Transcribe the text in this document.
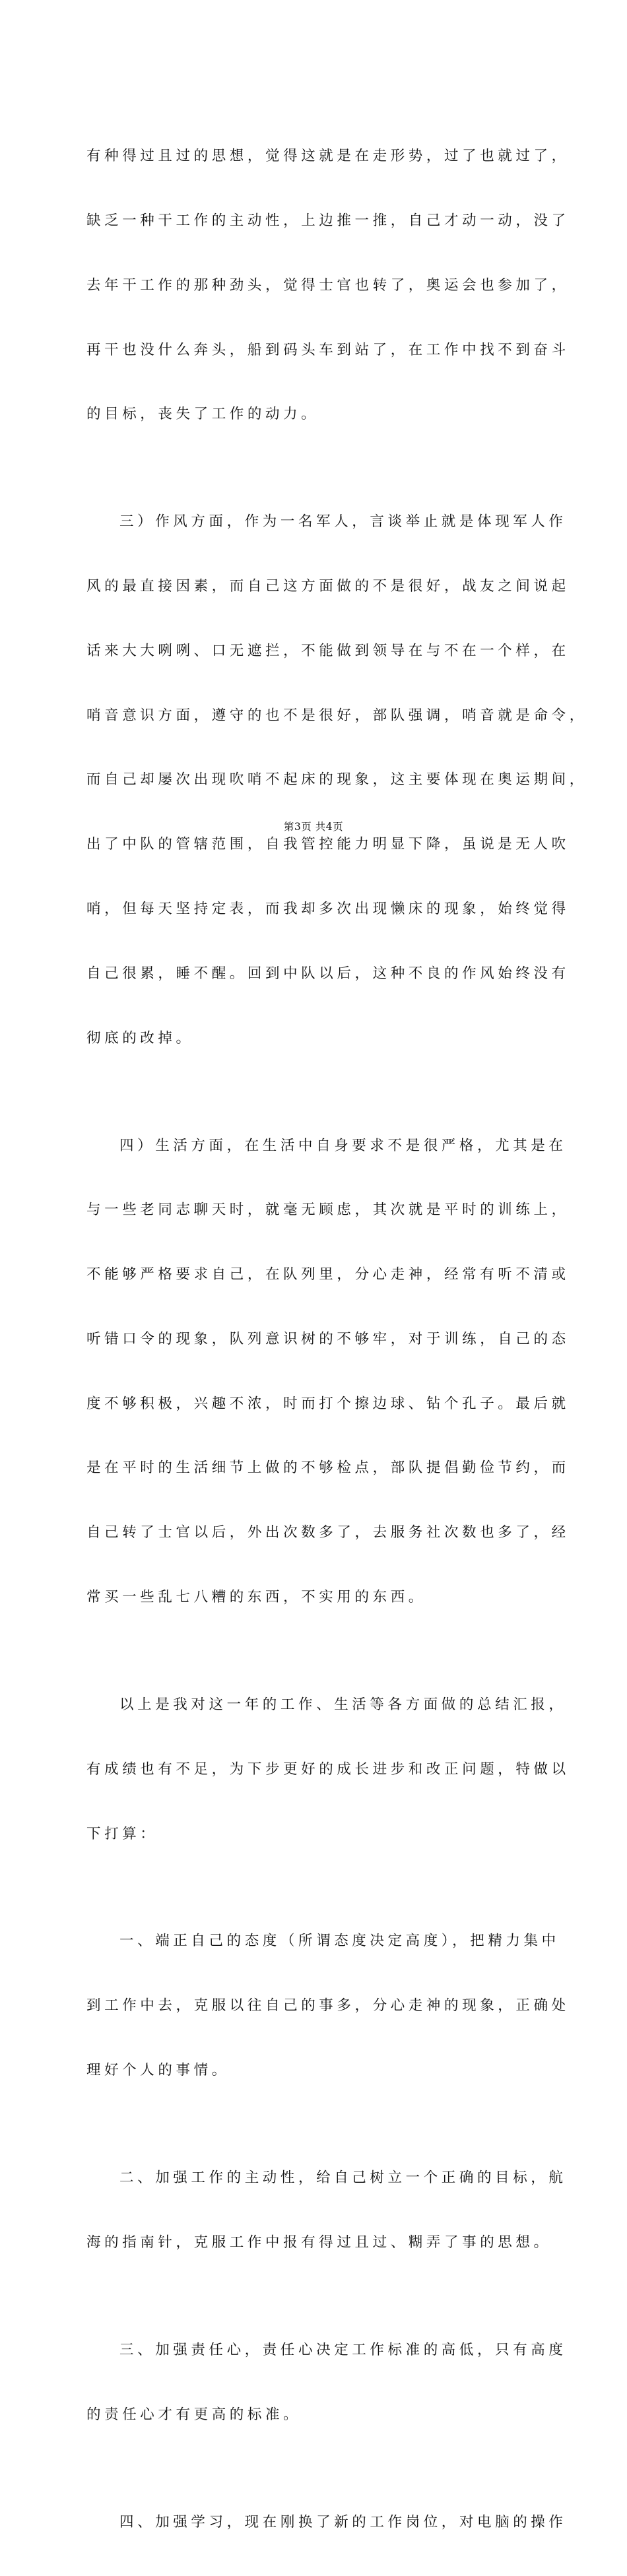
有种得过且过的思想，觉得这就是在走形势，过了也就过了，

缺乏一种干工作的主动性，上边推一推，自己才动一动，没了

去年干工作的那种劲头，觉得士官也转了，奥运会也参加了，

再干也没什么奔头，船到码头车到站了，在工作中找不到奋斗

的目标，丧失了工作的动力。

三）作风方面，作为一名军人，言谈举止就是体现军人作

风的最直接因素，而自己这方面做的不是很好，战友之间说起

话来大大咧咧、口无遮拦，不能做到领导在与不在一个样，在

哨音意识方面，遵守的也不是很好，部队强调，哨音就是命令，

而自己却屡次出现吹哨不起床的现象，这主要体现在奥运期间，

出了中队的管辖范围，自我管控能力明显下降，虽说是无人吹

哨，但每天坚持定表，而我却多次出现懒床的现象，始终觉得

自己很累，睡不醒。回到中队以后，这种不良的作风始终没有

彻底的改掉。

四）生活方面，在生活中自身要求不是很严格，尤其是在

与一些老同志聊天时，就毫无顾虑，其次就是平时的训练上，

不能够严格要求自己，在队列里，分心走神，经常有听不清或

听错口令的现象，队列意识树的不够牢，对于训练，自己的态

度不够积极，兴趣不浓，时而打个擦边球、钻个孔子。最后就

是在平时的生活细节上做的不够检点，部队提倡勤俭节约，而

自己转了士官以后，外出次数多了，去服务社次数也多了，经

常买一些乱七八糟的东西，不实用的东西。

以上是我对这一年的工作、生活等各方面做的总结汇报，

有成绩也有不足，为下步更好的成长进步和改正问题，特做以

下打算：

一、端正自己的态度（所谓态度决定高度），把精力集中

到工作中去，克服以往自己的事多，分心走神的现象，正确处

理好个人的事情。

二、加强工作的主动性，给自己树立一个正确的目标，航

海的指南针，克服工作中报有得过且过、糊弄了事的思想。

三、加强责任心，责任心决定工作标准的高低，只有高度

的责任心才有更高的标准。

四、加强学习，现在刚换了新的工作岗位，对电脑的操作

第3页 共4页
